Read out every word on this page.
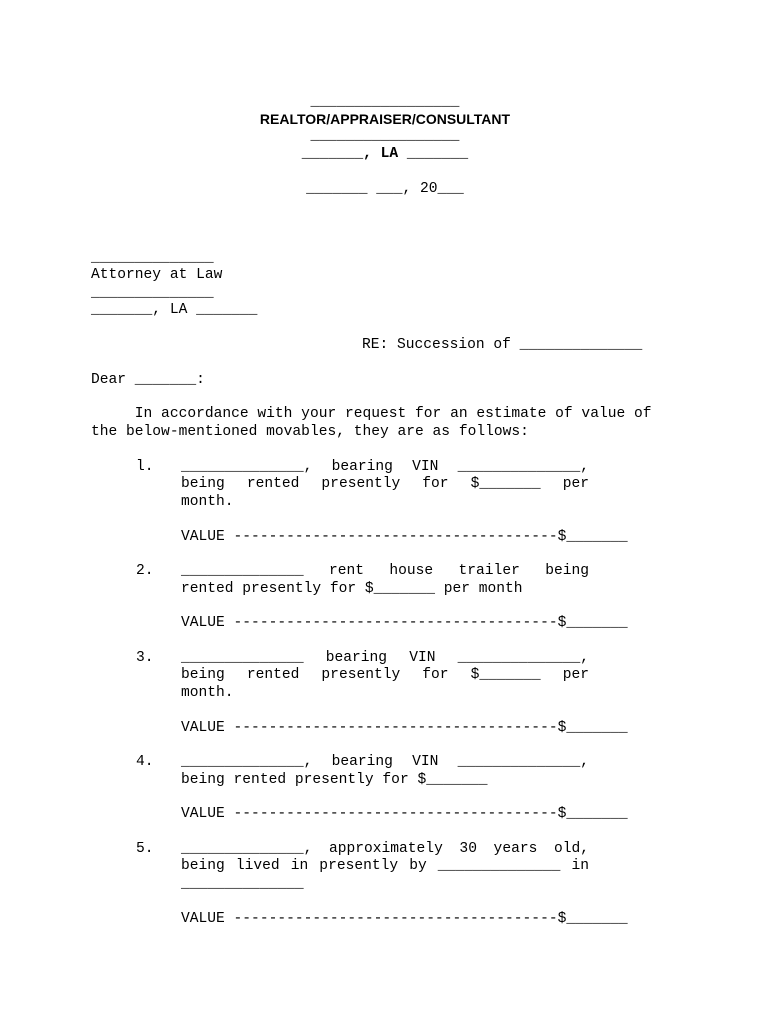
_________________
REALTOR/APPRAISER/CONSULTANT
_________________
_______, LA _______
_______ ___, 20___
______________
Attorney at Law
______________
_______, LA _______
RE: Succession of ______________
Dear _______:
In accordance with your request for an estimate of value of
the below-mentioned movables, they are as follows:
l. ______________, bearing VIN ______________,
being rented presently for $_______ per
month.
VALUE -------------------------------------$_______
2. ______________ rent house trailer being
rented presently for $_______ per month
VALUE -------------------------------------$_______
3. ______________ bearing VIN ______________,
being rented presently for $_______ per
month.
VALUE -------------------------------------$_______
4. ______________, bearing VIN ______________,
being rented presently for $_______
VALUE -------------------------------------$_______
5. ______________, approximately 30 years old,
being lived in presently by ______________ in
______________
VALUE -------------------------------------$_______
